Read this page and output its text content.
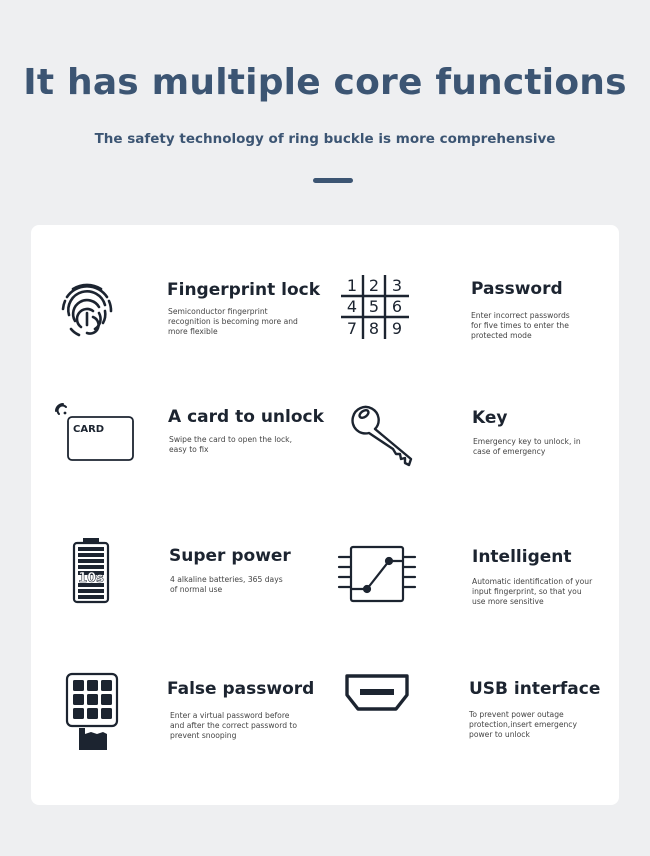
It has multiple core functions
The safety technology of ring buckle is more comprehensive
Fingerprint lock

Semiconductor fingerprint recognition is becoming more and more flexible

1 2 3
4 5 6
7 8 9
Password

Enter incorrect passwords for five times to enter the protected mode

CARD
A card to unlock

Swipe the card to open the lock, easy to fix

Key

Emergency key to unlock, in case of emergency

10s
Super power

4 alkaline batteries, 365 days of normal use

Intelligent

Automatic identification of your input fingerprint, so that you use more sensitive

False password

Enter a virtual password before and after the correct password to prevent snooping

USB interface

To prevent power outage protection,insert emergency power to unlock
